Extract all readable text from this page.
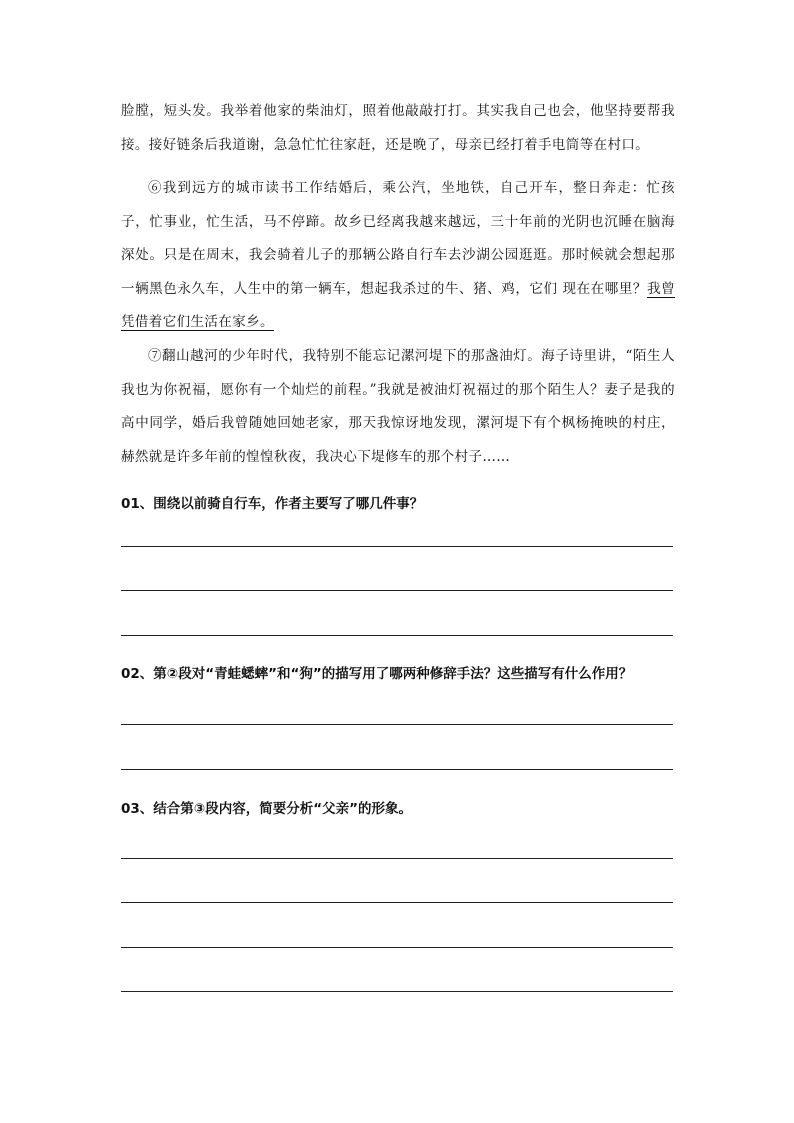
脸膛，短头发。我举着他家的柴油灯，照着他敲敲打打。其实我自己也会，他坚持要帮我接。接好链条后我道谢，急急忙忙往家赶，还是晚了，母亲已经打着手电筒等在村口。

⑥我到远方的城市读书工作结婚后，乘公汽，坐地铁，自己开车，整日奔走：忙孩子，忙事业，忙生活，马不停蹄。故乡已经离我越来越远，三十年前的光阴也沉睡在脑海深处。只是在周末，我会骑着儿子的那辆公路自行车去沙湖公园逛逛。那时候就会想起那一辆黑色永久车，人生中的第一辆车，想起我杀过的牛、猪、鸡，它们 现在在哪里？我曾凭借着它们生活在家乡。

⑦翻山越河的少年时代，我特别不能忘记漯河堤下的那盏油灯。海子诗里讲，“陌生人我也为你祝福，愿你有一个灿烂的前程。”我就是被油灯祝福过的那个陌生人？妻子是我的高中同学，婚后我曾随她回她老家，那天我惊讶地发现，漯河堤下有个枫杨掩映的村庄，赫然就是许多年前的惶惶秋夜，我决心下堤修车的那个村子……

01、围绕以前骑自行车，作者主要写了哪几件事？

02、第②段对“青蛙蟋蟀”和“狗”的描写用了哪两种修辞手法？这些描写有什么作用？

03、结合第③段内容，简要分析“父亲”的形象。
